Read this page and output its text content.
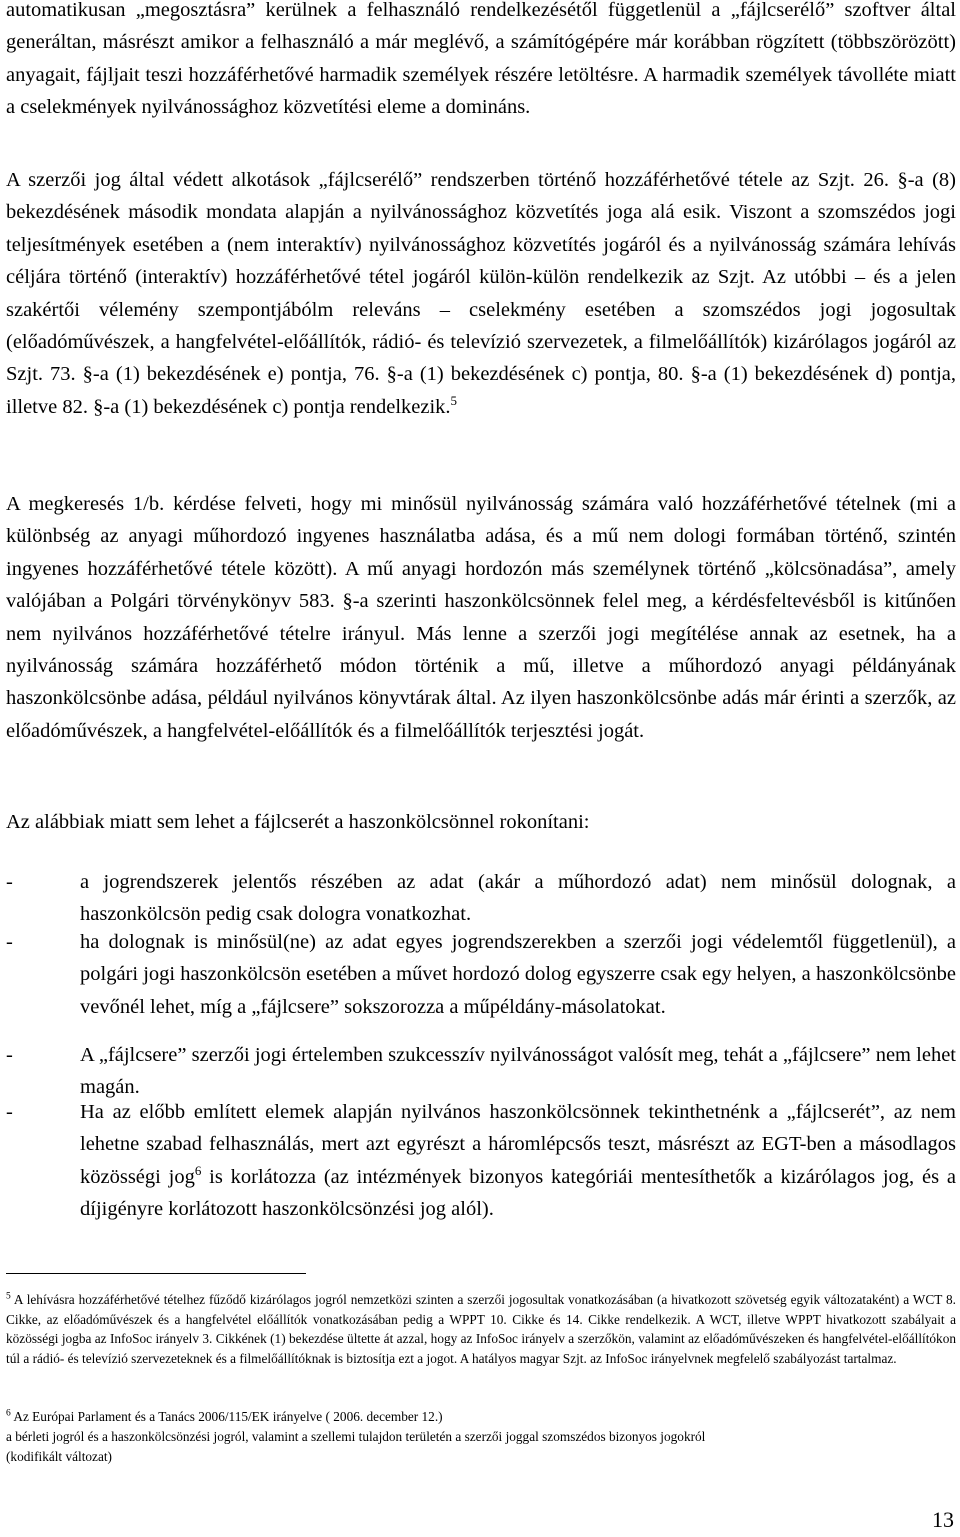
automatikusan „megosztásra” kerülnek a felhasználó rendelkezésétől függetlenül a „fájlcserélő” szoftver által generáltan, másrészt amikor a felhasználó a már meglévő, a számítógépére már korábban rögzített (többszörözött) anyagait, fájljait teszi hozzáférhetővé harmadik személyek részére letöltésre. A harmadik személyek távolléte miatt a cselekmények nyilvánossághoz közvetítési eleme a domináns.

A szerzői jog által védett alkotások „fájlcserélő” rendszerben történő hozzáférhetővé tétele az Szjt. 26. §-a (8) bekezdésének második mondata alapján a nyilvánossághoz közvetítés joga alá esik. Viszont a szomszédos jogi teljesítmények esetében a (nem interaktív) nyilvánossághoz közvetítés jogáról és a nyilvánosság számára lehívás céljára történő (interaktív) hozzáférhetővé tétel jogáról külön-külön rendelkezik az Szjt. Az utóbbi – és a jelen szakértői vélemény szempontjábólm releváns – cselekmény esetében a szomszédos jogi jogosultak (előadóművészek, a hangfelvétel-előállítók, rádió- és televízió szervezetek, a filmelőállítók) kizárólagos jogáról az Szjt. 73. §-a (1) bekezdésének e) pontja, 76. §-a (1) bekezdésének c) pontja, 80. §-a (1) bekezdésének d) pontja, illetve 82. §-a (1) bekezdésének c) pontja rendelkezik.$^5$

A megkeresés 1/b. kérdése felveti, hogy mi minősül nyilvánosság számára való hozzáférhetővé tételnek (mi a különbség az anyagi műhordozó ingyenes használatba adása, és a mű nem dologi formában történő, szintén ingyenes hozzáférhetővé tétele között). A mű anyagi hordozón más személynek történő „kölcsönadása”, amely valójában a Polgári törvénykönyv 583. §-a szerinti haszonkölcsönnek felel meg, a kérdésfeltevésből is kitűnően nem nyilvános hozzáférhetővé tételre irányul. Más lenne a szerzői jogi megítélése annak az esetnek, ha a nyilvánosság számára hozzáférhető módon történik a mű, illetve a műhordozó anyagi példányának haszonkölcsönbe adása, például nyilvános könyvtárak által. Az ilyen haszonkölcsönbe adás már érinti a szerzők, az előadóművészek, a hangfelvétel-előállítók és a filmelőállítók terjesztési jogát.

Az alábbiak miatt sem lehet a fájlcserét a haszonkölcsönnel rokonítani:

-	a jogrendszerek jelentős részében az adat (akár a műhordozó adat) nem minősül dolognak, a haszonkölcsön pedig csak dologra vonatkozhat.

-	ha dolognak is minősül(ne) az adat egyes jogrendszerekben a szerzői jogi védelemtől függetlenül), a polgári jogi haszonkölcsön esetében a művet hordozó dolog egyszerre csak egy helyen, a haszonkölcsönbe vevőnél lehet, míg a „fájlcsere” sokszorozza a műpéldány-másolatokat.

-	A „fájlcsere” szerzői jogi értelemben szukcesszív nyilvánosságot valósít meg, tehát a „fájlcsere” nem lehet magán.

-	Ha az előbb említett elemek alapján nyilvános haszonkölcsönnek tekinthetnénk a „fájlcserét”, az nem lehetne szabad felhasználás, mert azt egyrészt a háromlépcsős teszt, másrészt az EGT-ben a másodlagos közösségi jog$^6$ is korlátozza (az intézmények bizonyos kategóriái mentesíthetők a kizárólagos jog, és a díjigényre korlátozott haszonkölcsönzési jog alól).

$^5$ A lehívásra hozzáférhetővé tételhez fűződő kizárólagos jogról nemzetközi szinten a szerzői jogosultak vonatkozásában (a hivatkozott szövetség egyik változataként) a WCT 8. Cikke, az előadóművészek és a hangfelvétel előállítók vonatkozásában pedig a WPPT 10. Cikke és 14. Cikke rendelkezik. A WCT, illetve WPPT hivatkozott szabályait a közösségi jogba az InfoSoc irányelv 3. Cikkének (1) bekezdése ültette át azzal, hogy az InfoSoc irányelv a szerzőkön, valamint az előadóművészeken és hangfelvétel-előállítókon túl a rádió- és televízió szervezeteknek és a filmelőállítóknak is biztosítja ezt a jogot. A hatályos magyar Szjt. az InfoSoc irányelvnek megfelelő szabályozást tartalmaz.

$^6$ Az Európai Parlament és a Tanács 2006/115/EK irányelve ( 2006. december 12.)

a bérleti jogról és a haszonkölcsönzési jogról, valamint a szellemi tulajdon területén a szerzői joggal szomszédos bizonyos jogokról

(kodifikált változat)

13
